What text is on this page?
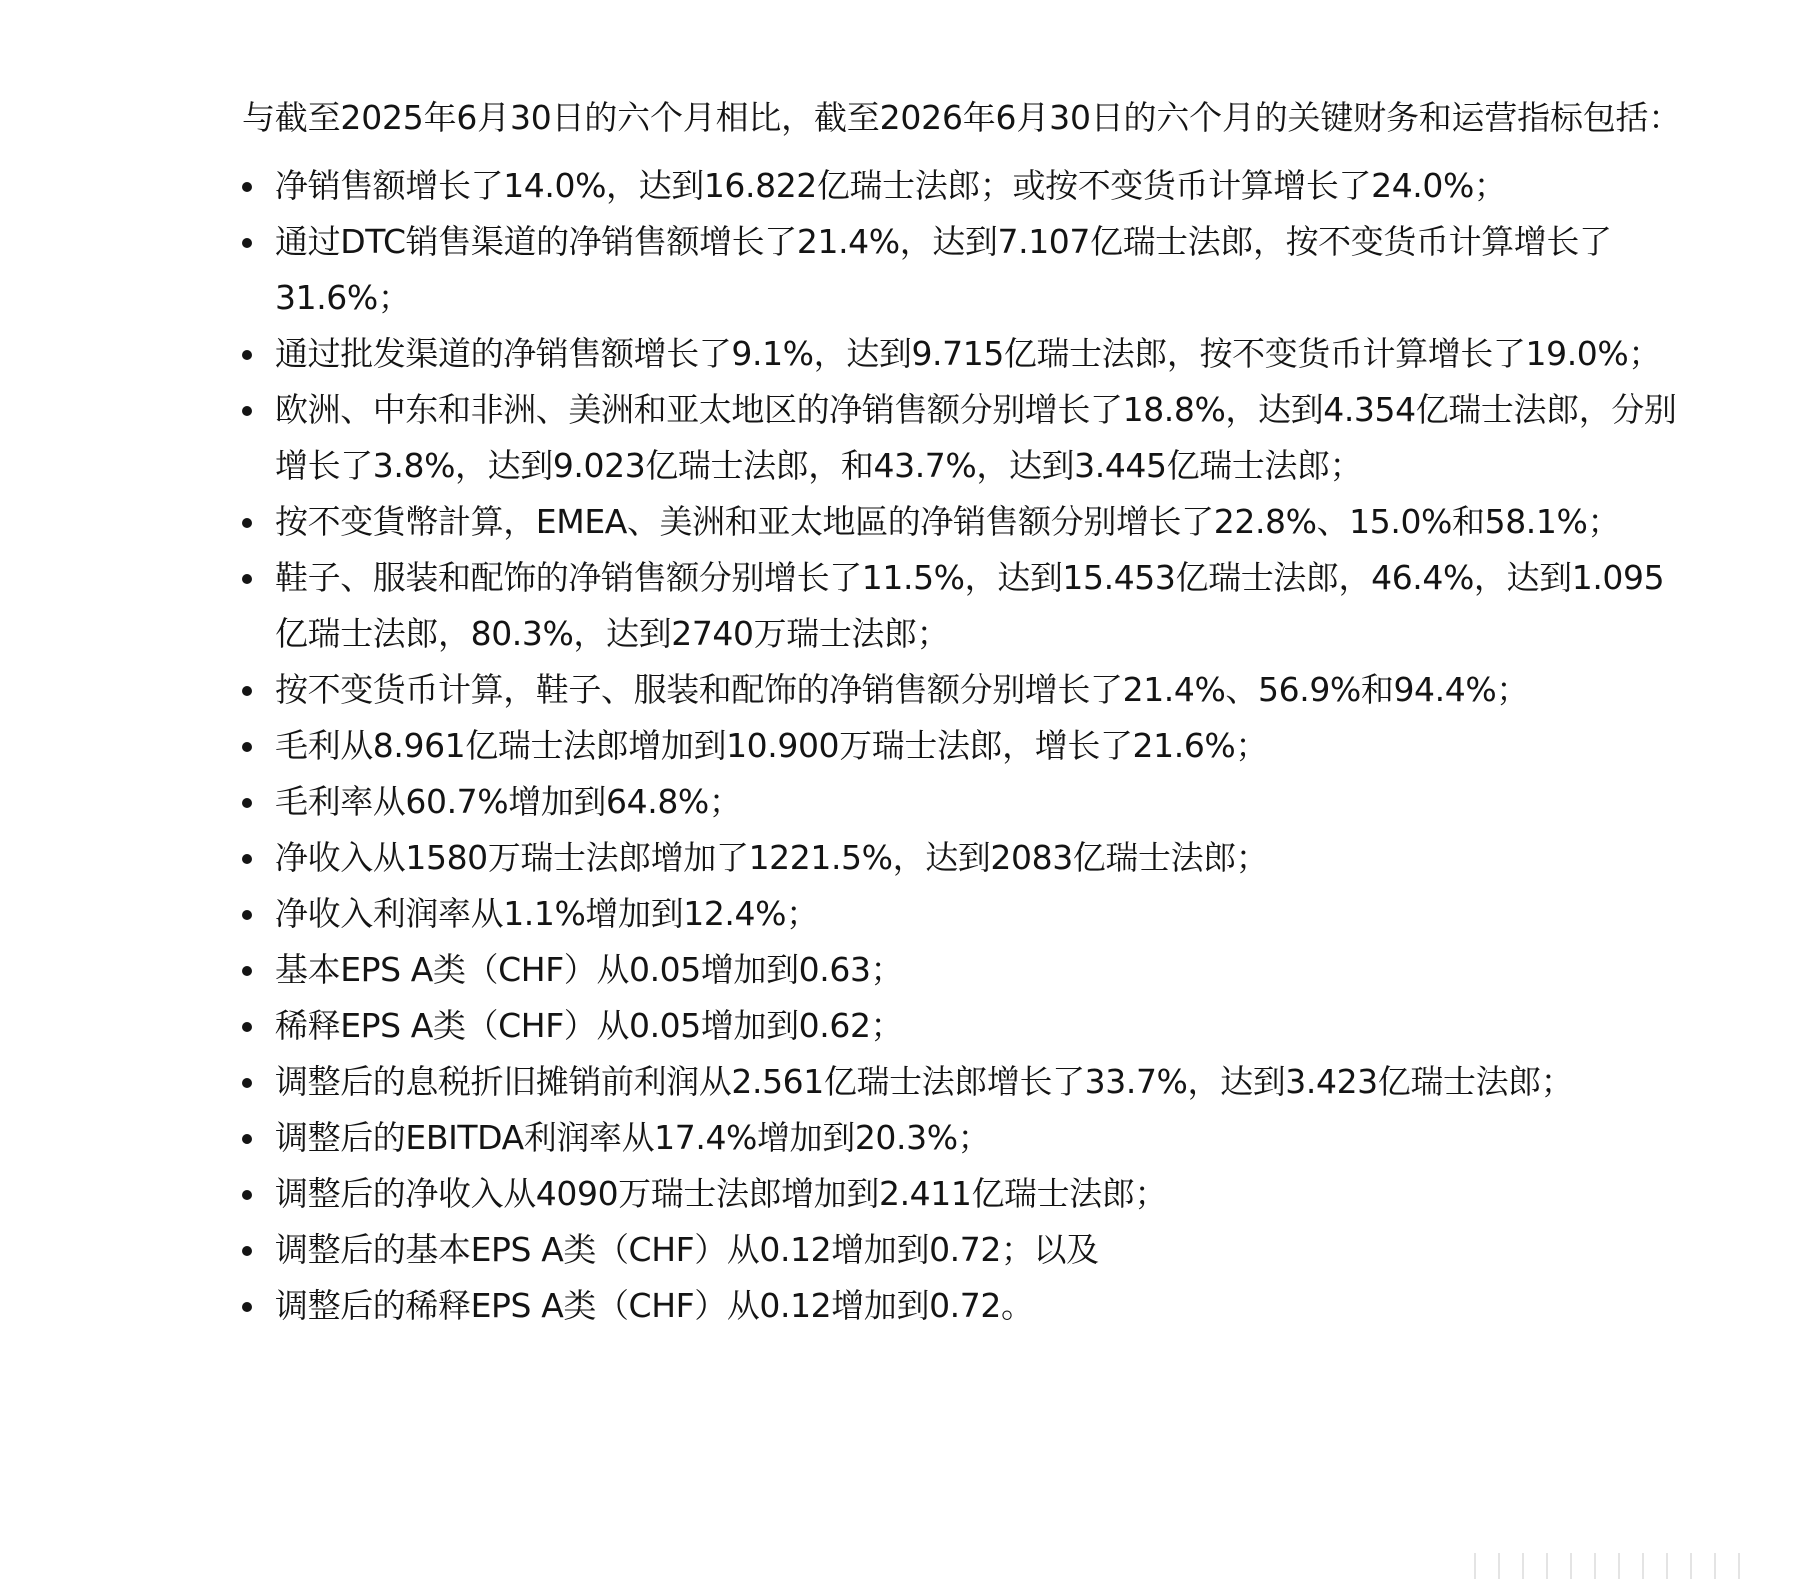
与截至2025年6月30日的六个月相比，截至2026年6月30日的六个月的关键财务和运营指标包括：

净销售额增长了14.0%，达到16.822亿瑞士法郎；或按不变货币计算增长了24.0%；
通过DTC销售渠道的净销售额增长了21.4%，达到7.107亿瑞士法郎，按不变货币计算增长了31.6%；
通过批发渠道的净销售额增长了9.1%，达到9.715亿瑞士法郎，按不变货币计算增长了19.0%；
欧洲、中东和非洲、美洲和亚太地区的净销售额分别增长了18.8%，达到4.354亿瑞士法郎，分别增长了3.8%，达到9.023亿瑞士法郎，和43.7%，达到3.445亿瑞士法郎；
按不变貨幣計算，EMEA、美洲和亚太地區的净销售额分别增长了22.8%、15.0%和58.1%；
鞋子、服装和配饰的净销售额分别增长了11.5%，达到15.453亿瑞士法郎，46.4%，达到1.095亿瑞士法郎，80.3%，达到2740万瑞士法郎；
按不变货币计算，鞋子、服装和配饰的净销售额分别增长了21.4%、56.9%和94.4%；
毛利从8.961亿瑞士法郎增加到10.900万瑞士法郎，增长了21.6%；
毛利率从60.7%增加到64.8%；
净收入从1580万瑞士法郎增加了1221.5%，达到2083亿瑞士法郎；
净收入利润率从1.1%增加到12.4%；
基本EPS A类（CHF）从0.05增加到0.63；
稀释EPS A类（CHF）从0.05增加到0.62；
调整后的息税折旧摊销前利润从2.561亿瑞士法郎增长了33.7%，达到3.423亿瑞士法郎；
调整后的EBITDA利润率从17.4%增加到20.3%；
调整后的净收入从4090万瑞士法郎增加到2.411亿瑞士法郎；
调整后的基本EPS A类（CHF）从0.12增加到0.72；以及
调整后的稀释EPS A类（CHF）从0.12增加到0.72。
